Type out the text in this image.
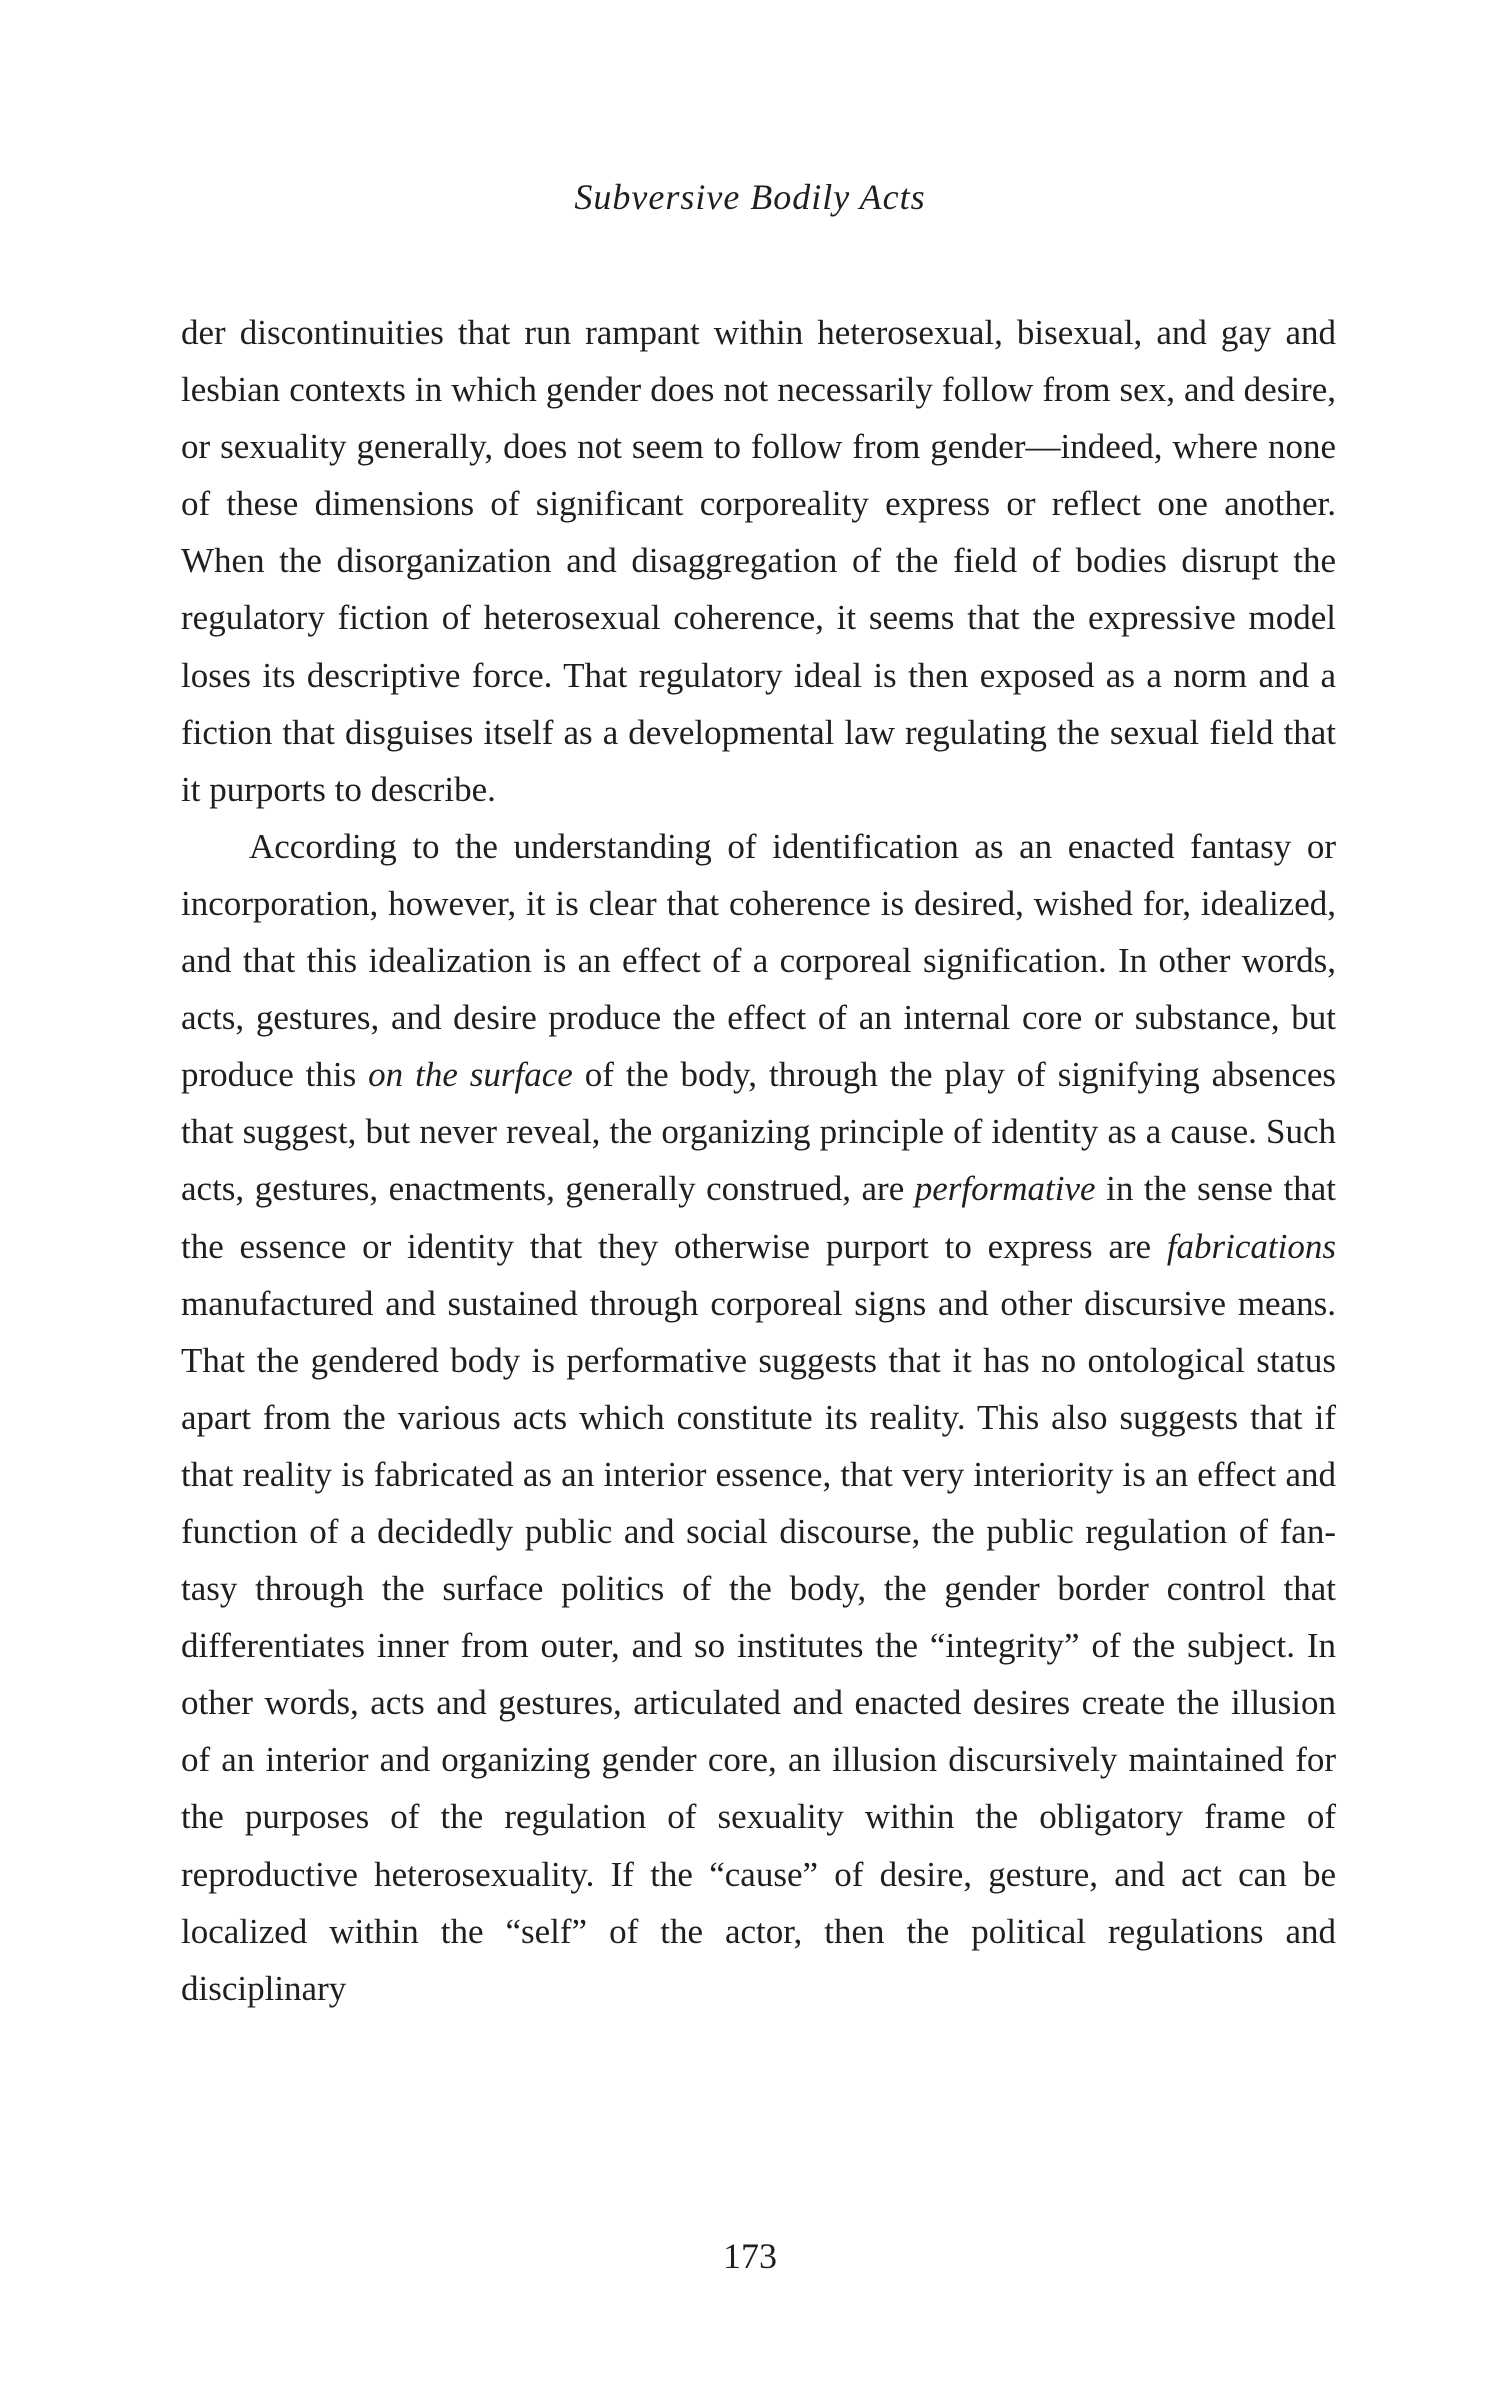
Subversive Bodily Acts

der discontinuities that run rampant within heterosexual, bisexual, and gay and lesbian contexts in which gender does not necessarily follow from sex, and desire, or sexuality generally, does not seem to follow from gender—indeed, where none of these dimensions of significant corporeality express or reflect one another. When the disorganization and disaggregation of the field of bodies disrupt the regulatory fiction of heterosexual coherence, it seems that the expressive model loses its descriptive force. That regulatory ideal is then exposed as a norm and a fiction that disguises itself as a developmental law regulating the sexual field that it purports to describe.

According to the understanding of identification as an enacted fantasy or incorporation, however, it is clear that coherence is desired, wished for, idealized, and that this idealization is an effect of a corporeal signification. In other words, acts, gestures, and desire produce the effect of an internal core or substance, but produce this on the surface of the body, through the play of signifying absences that suggest, but never reveal, the organizing principle of identity as a cause. Such acts, gestures, enactments, generally construed, are performative in the sense that the essence or identity that they otherwise purport to express are fabrications manufactured and sustained through corporeal signs and other discursive means. That the gendered body is performative suggests that it has no ontological status apart from the various acts which constitute its reality. This also suggests that if that reality is fabricated as an interior essence, that very interiority is an effect and function of a decidedly public and social discourse, the public regulation of fantasy through the surface politics of the body, the gender border control that differentiates inner from outer, and so institutes the “integrity” of the subject. In other words, acts and gestures, articulated and enacted desires create the illusion of an interior and organizing gender core, an illusion discursively maintained for the purposes of the regulation of sexuality within the obligatory frame of reproductive heterosexuality. If the “cause” of desire, gesture, and act can be localized within the “self” of the actor, then the political regulations and disciplinary

173
